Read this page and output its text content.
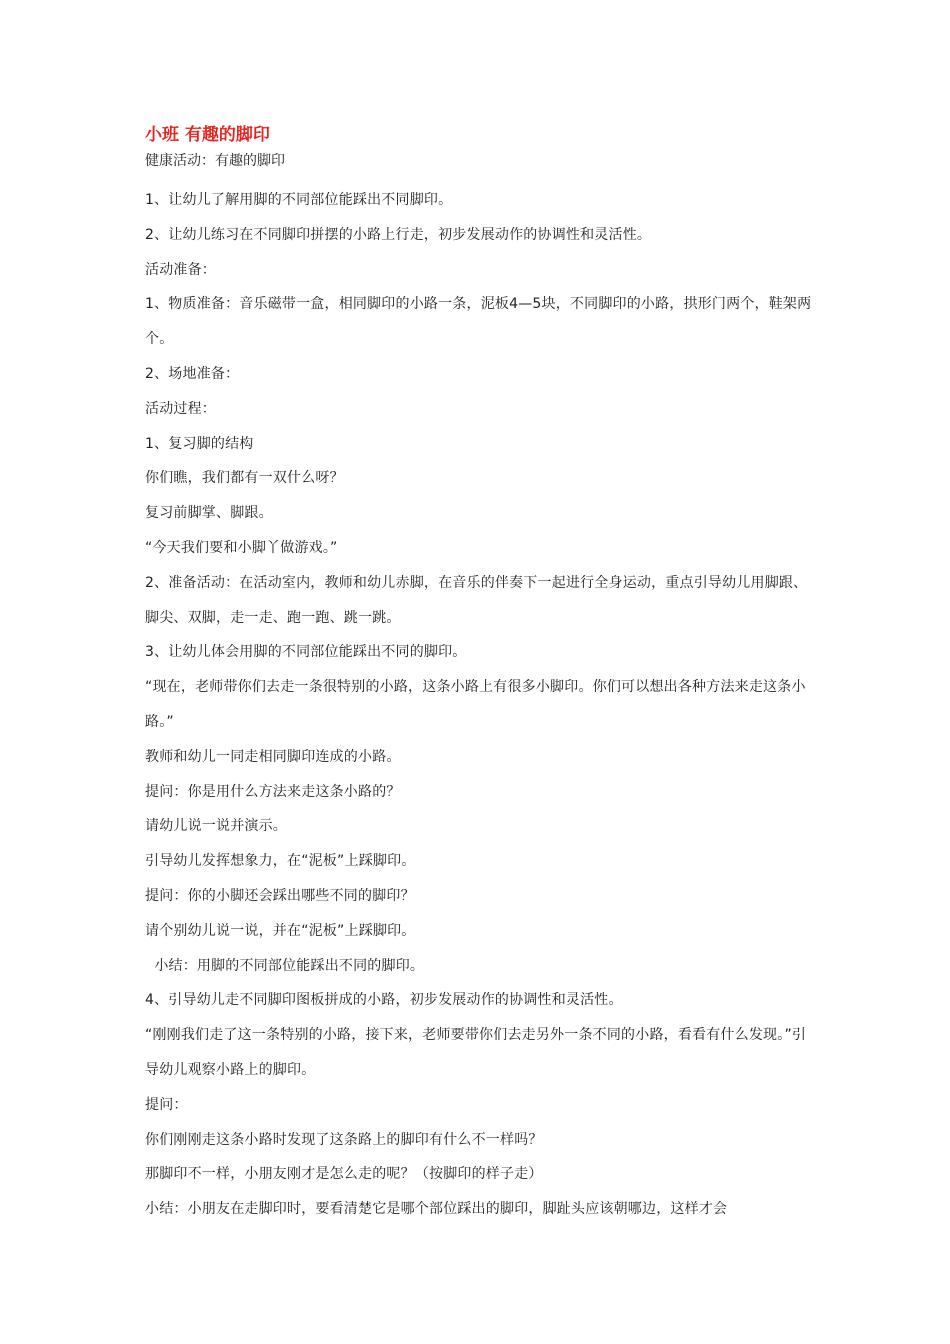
小班 有趣的脚印
健康活动：有趣的脚印

1、让幼儿了解用脚的不同部位能踩出不同脚印。

2、让幼儿练习在不同脚印拼摆的小路上行走，初步发展动作的协调性和灵活性。

活动准备：

1、物质准备：音乐磁带一盒，相同脚印的小路一条，泥板4—5块，不同脚印的小路，拱形门两个，鞋架两个。

2、场地准备：

活动过程：

1、复习脚的结构

你们瞧，我们都有一双什么呀？

复习前脚掌、脚跟。

“今天我们要和小脚丫做游戏。”

2、准备活动：在活动室内，教师和幼儿赤脚，在音乐的伴奏下一起进行全身运动，重点引导幼儿用脚跟、脚尖、双脚，走一走、跑一跑、跳一跳。

3、让幼儿体会用脚的不同部位能踩出不同的脚印。

“现在，老师带你们去走一条很特别的小路，这条小路上有很多小脚印。你们可以想出各种方法来走这条小路。”

教师和幼儿一同走相同脚印连成的小路。

提问：你是用什么方法来走这条小路的？

请幼儿说一说并演示。

引导幼儿发挥想象力，在“泥板”上踩脚印。

提问：你的小脚还会踩出哪些不同的脚印？

请个别幼儿说一说，并在“泥板”上踩脚印。

小结：用脚的不同部位能踩出不同的脚印。

4、引导幼儿走不同脚印图板拼成的小路，初步发展动作的协调性和灵活性。

“刚刚我们走了这一条特别的小路，接下来，老师要带你们去走另外一条不同的小路，看看有什么发现。”引导幼儿观察小路上的脚印。

提问：

你们刚刚走这条小路时发现了这条路上的脚印有什么不一样吗？

那脚印不一样，小朋友刚才是怎么走的呢？（按脚印的样子走）

小结：小朋友在走脚印时，要看清楚它是哪个部位踩出的脚印，脚趾头应该朝哪边，这样才会
